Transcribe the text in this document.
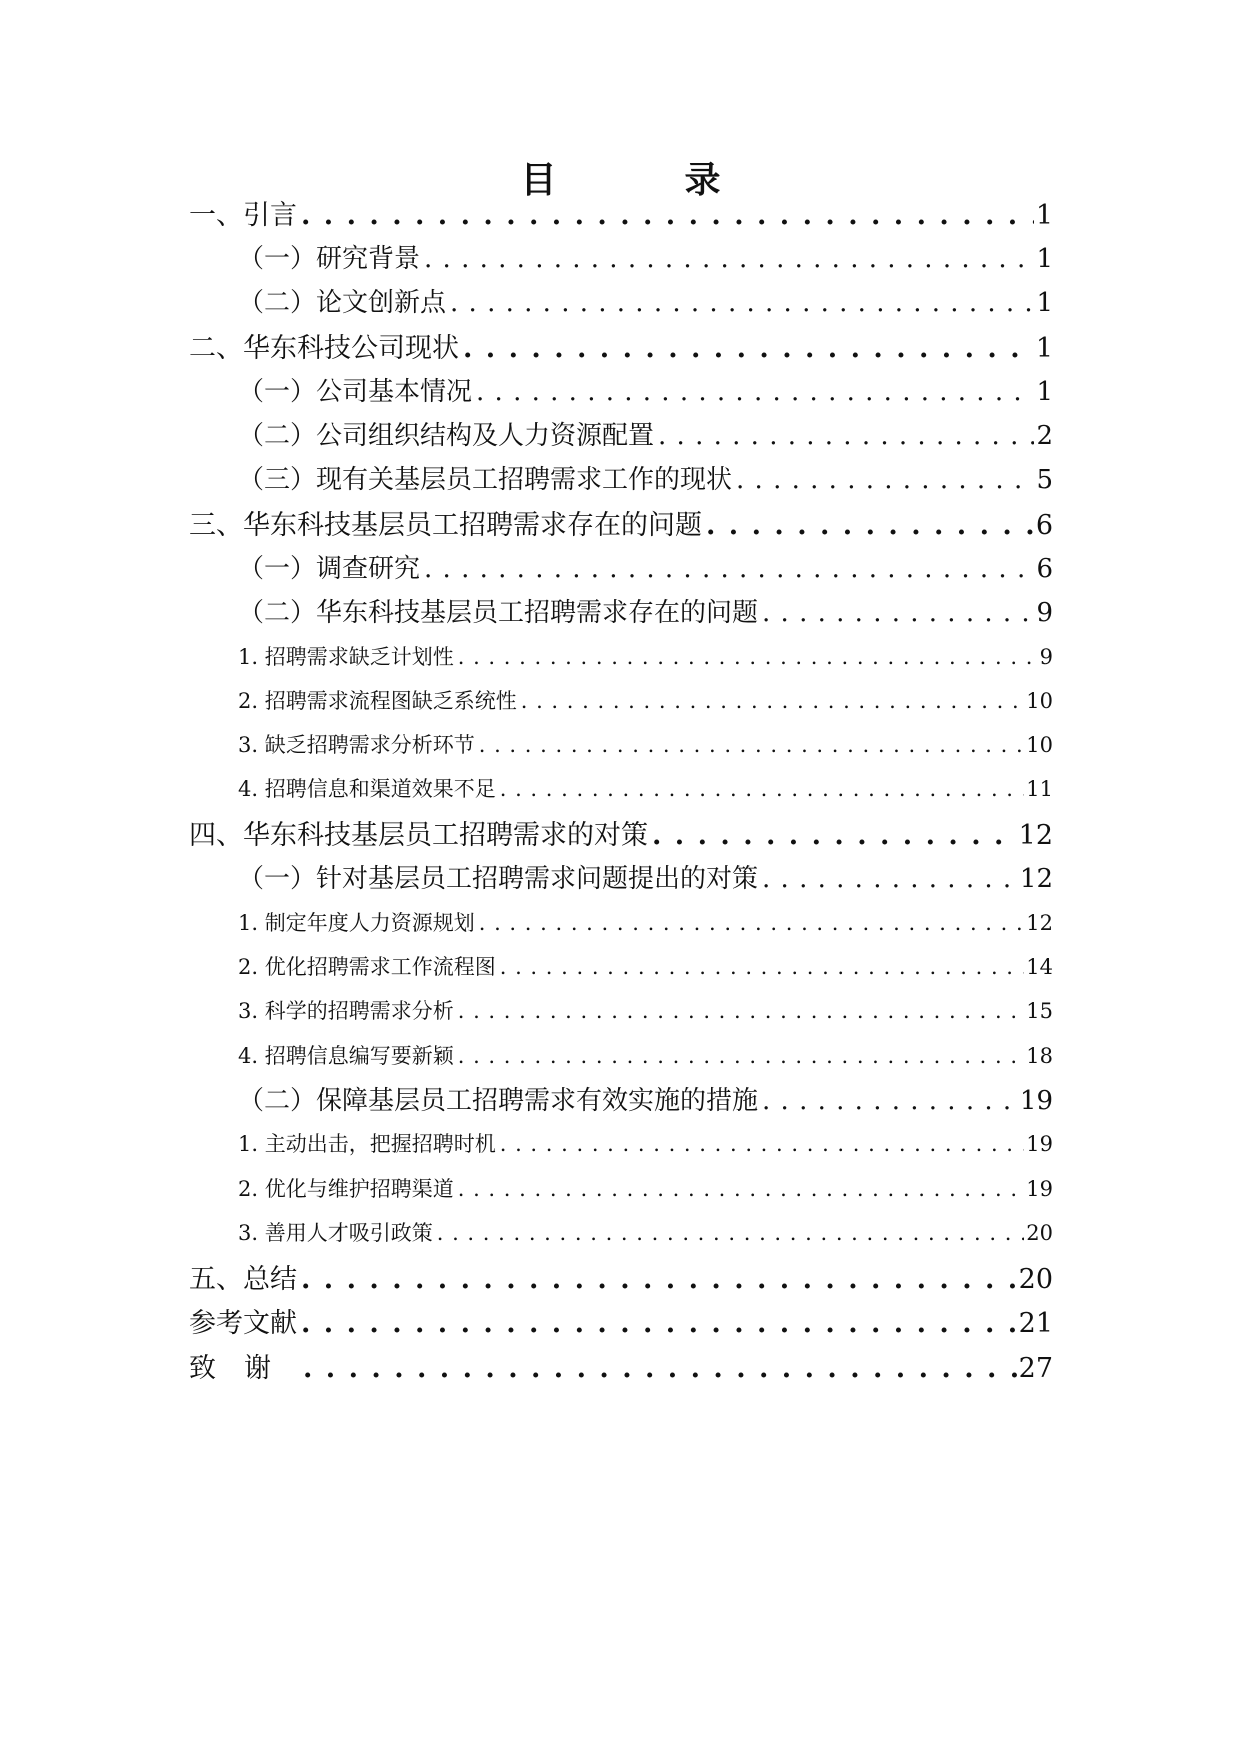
目　录
一、引言 . . .	1
（一）研究背景 . . .	1
（二）论文创新点 . . .	1
二、华东科技公司现状 . . .	1
（一）公司基本情况 . . .	1
（二）公司组织结构及人力资源配置 . . .	2
（三）现有关基层员工招聘需求工作的现状 . . .	5
三、华东科技基层员工招聘需求存在的问题 . . .	6
（一）调查研究 . . .	6
（二）华东科技基层员工招聘需求存在的问题 . . .	9
1. 招聘需求缺乏计划性 . . .	9
2. 招聘需求流程图缺乏系统性 . . .	10
3. 缺乏招聘需求分析环节 . . .	10
4. 招聘信息和渠道效果不足 . . .	11
四、华东科技基层员工招聘需求的对策 . . .	12
（一）针对基层员工招聘需求问题提出的对策 . . .	12
1. 制定年度人力资源规划 . . .	12
2. 优化招聘需求工作流程图 . . .	14
3. 科学的招聘需求分析 . . .	15
4. 招聘信息编写要新颖 . . .	18
（二）保障基层员工招聘需求有效实施的措施 . . .	19
1. 主动出击，把握招聘时机 . . .	19
2. 优化与维护招聘渠道 . . .	19
3. 善用人才吸引政策 . . .	20
五、总结 . . .	20
参考文献 . . .	21
致谢 . . .	27
